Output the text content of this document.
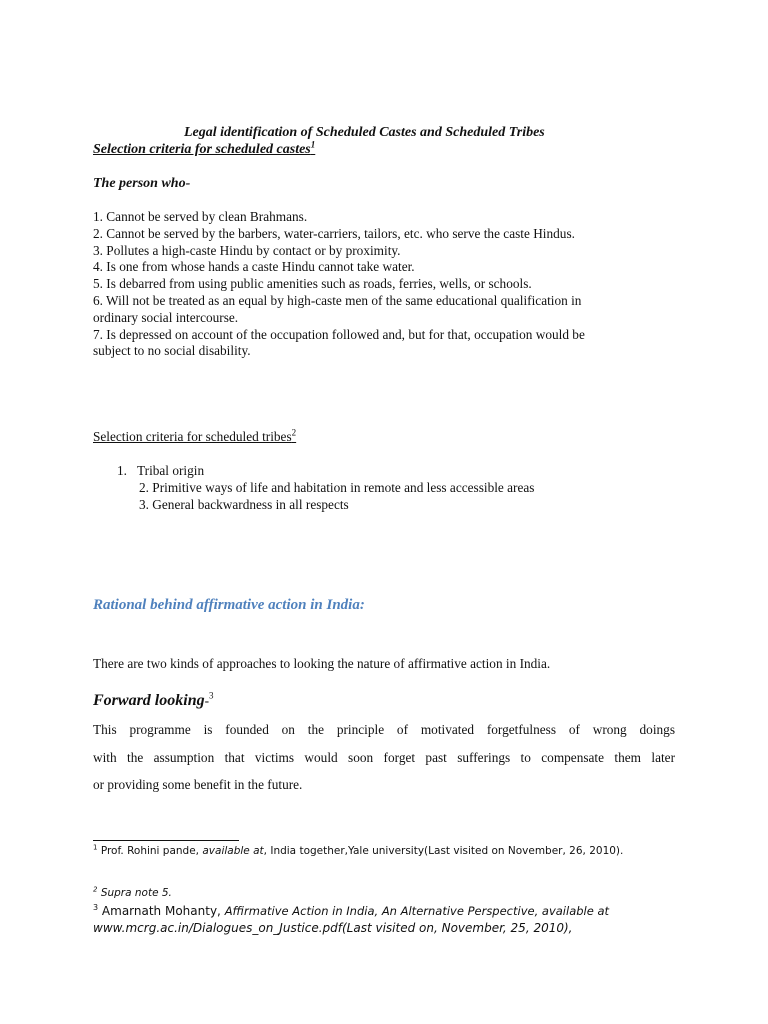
Legal identification of Scheduled Castes and Scheduled Tribes
Selection criteria for scheduled castes$^1$
The person who-
1. Cannot be served by clean Brahmans.
2. Cannot be served by the barbers, water-carriers, tailors, etc. who serve the caste Hindus.
3. Pollutes a high-caste Hindu by contact or by proximity.
4. Is one from whose hands a caste Hindu cannot take water.
5. Is debarred from using public amenities such as roads, ferries, wells, or schools.
6. Will not be treated as an equal by high-caste men of the same educational qualification in
ordinary social intercourse.
7. Is depressed on account of the occupation followed and, but for that, occupation would be
subject to no social disability.
Selection criteria for scheduled tribes$^2$
1. Tribal origin
2. Primitive ways of life and habitation in remote and less accessible areas
3. General backwardness in all respects
Rational behind affirmative action in India:
There are two kinds of approaches to looking the nature of affirmative action in India.
Forward looking-$^3$
This programme is founded on the principle of motivated forgetfulness of wrong doings
with the assumption that victims would soon forget past sufferings to compensate them later
or providing some benefit in the future.
$^1$ Prof. Rohini pande, available at, India together,Yale university(Last visited on November, 26, 2010).
$^2$ Supra note 5.
$^3$ Amarnath Mohanty, Affirmative Action in India, An Alternative Perspective, available at
www.mcrg.ac.in/Dialogues_on_Justice.pdf(Last visited on, November, 25, 2010),
